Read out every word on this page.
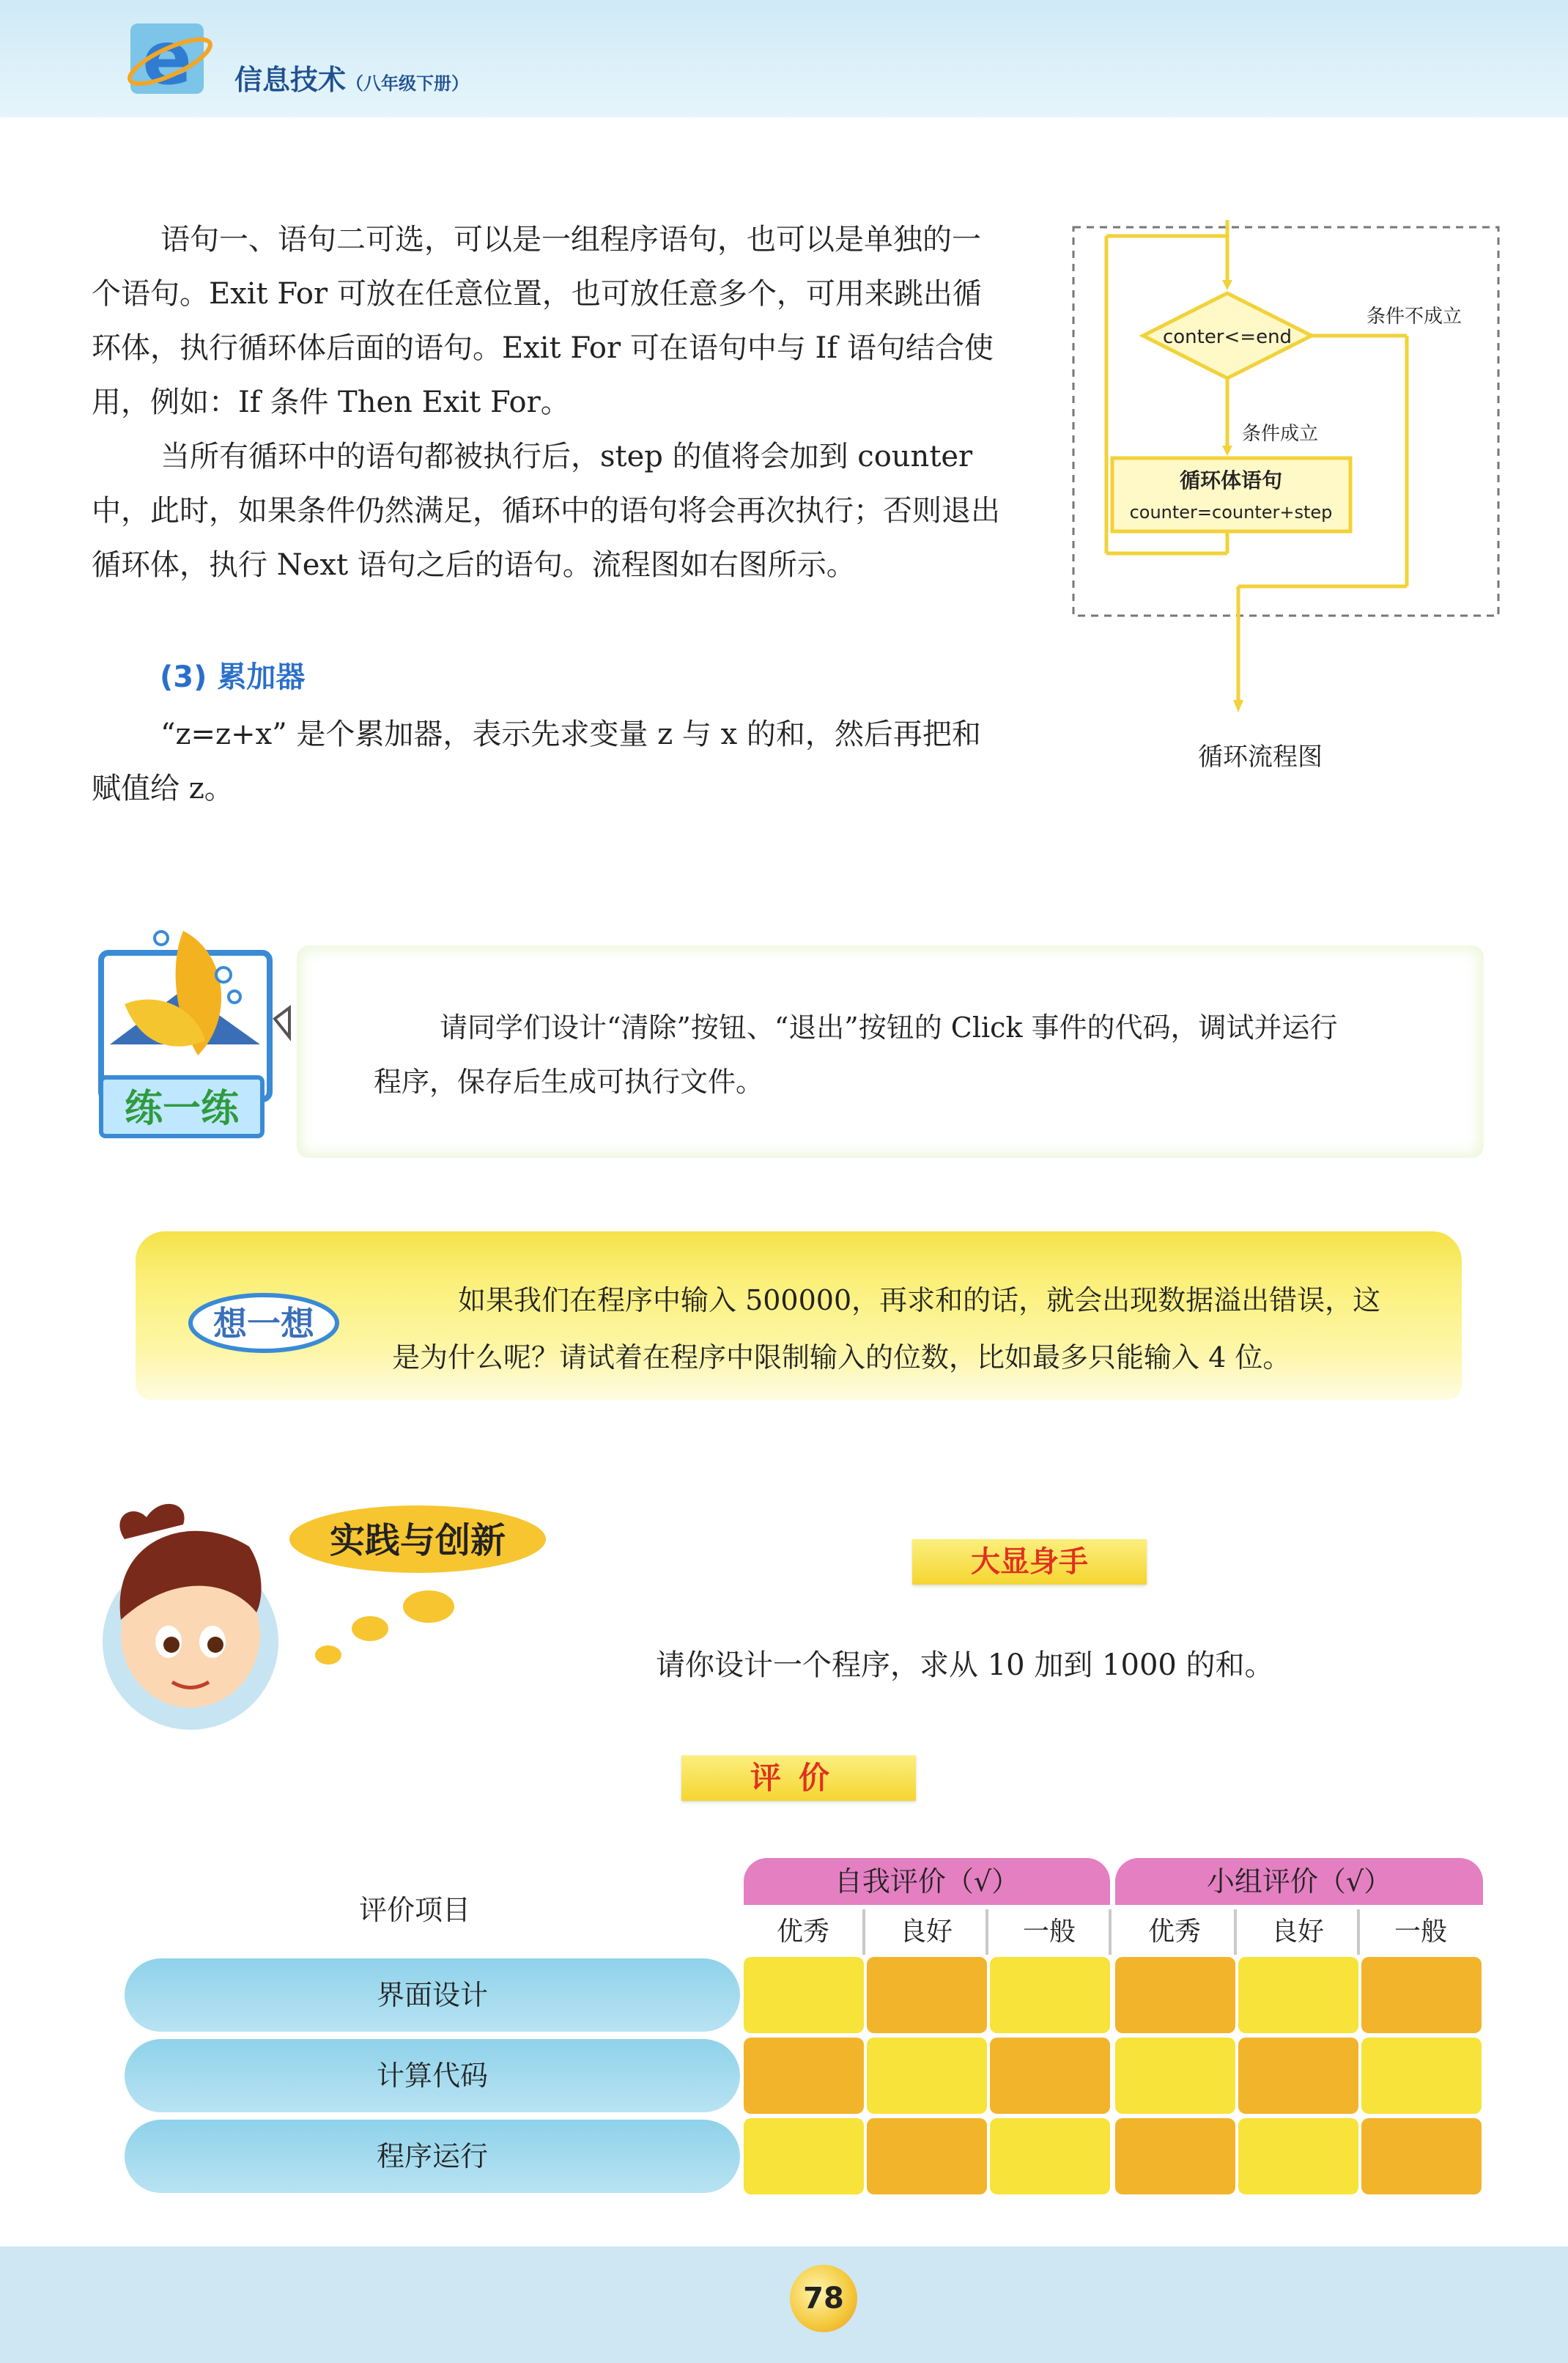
e 信息技术（八年级下册）

语句一、语句二可选，可以是一组程序语句，也可以是单独的一个语句。Exit For 可放在任意位置，也可放任意多个，可用来跳出循环体，执行循环体后面的语句。Exit For 可在语句中与 If 语句结合使用，例如：If 条件 Then Exit For。

当所有循环中的语句都被执行后，step 的值将会加到 counter 中，此时，如果条件仍然满足，循环中的语句将会再次执行；否则退出循环体，执行 Next 语句之后的语句。流程图如右图所示。

(3) 累加器

“z=z+x” 是个累加器，表示先求变量 z 与 x 的和，然后再把和赋值给 z。

conter<=end
条件不成立
条件成立
循环体语句
counter=counter+step
循环流程图
练一练

请同学们设计“清除”按钮、“退出”按钮的 Click 事件的代码，调试并运行

程序，保存后生成可执行文件。

想一想

如果我们在程序中输入 500000，再求和的话，就会出现数据溢出错误，这

是为什么呢？请试着在程序中限制输入的位数，比如最多只能输入 4 位。

实践与创新
大显身手
请你设计一个程序，求从 10 加到 1000 的和。
评价
评价项目
自我评价（√）	小组评价（√）
优秀	良好	一般	优秀	良好	一般
界面设计
计算代码
程序运行
78
